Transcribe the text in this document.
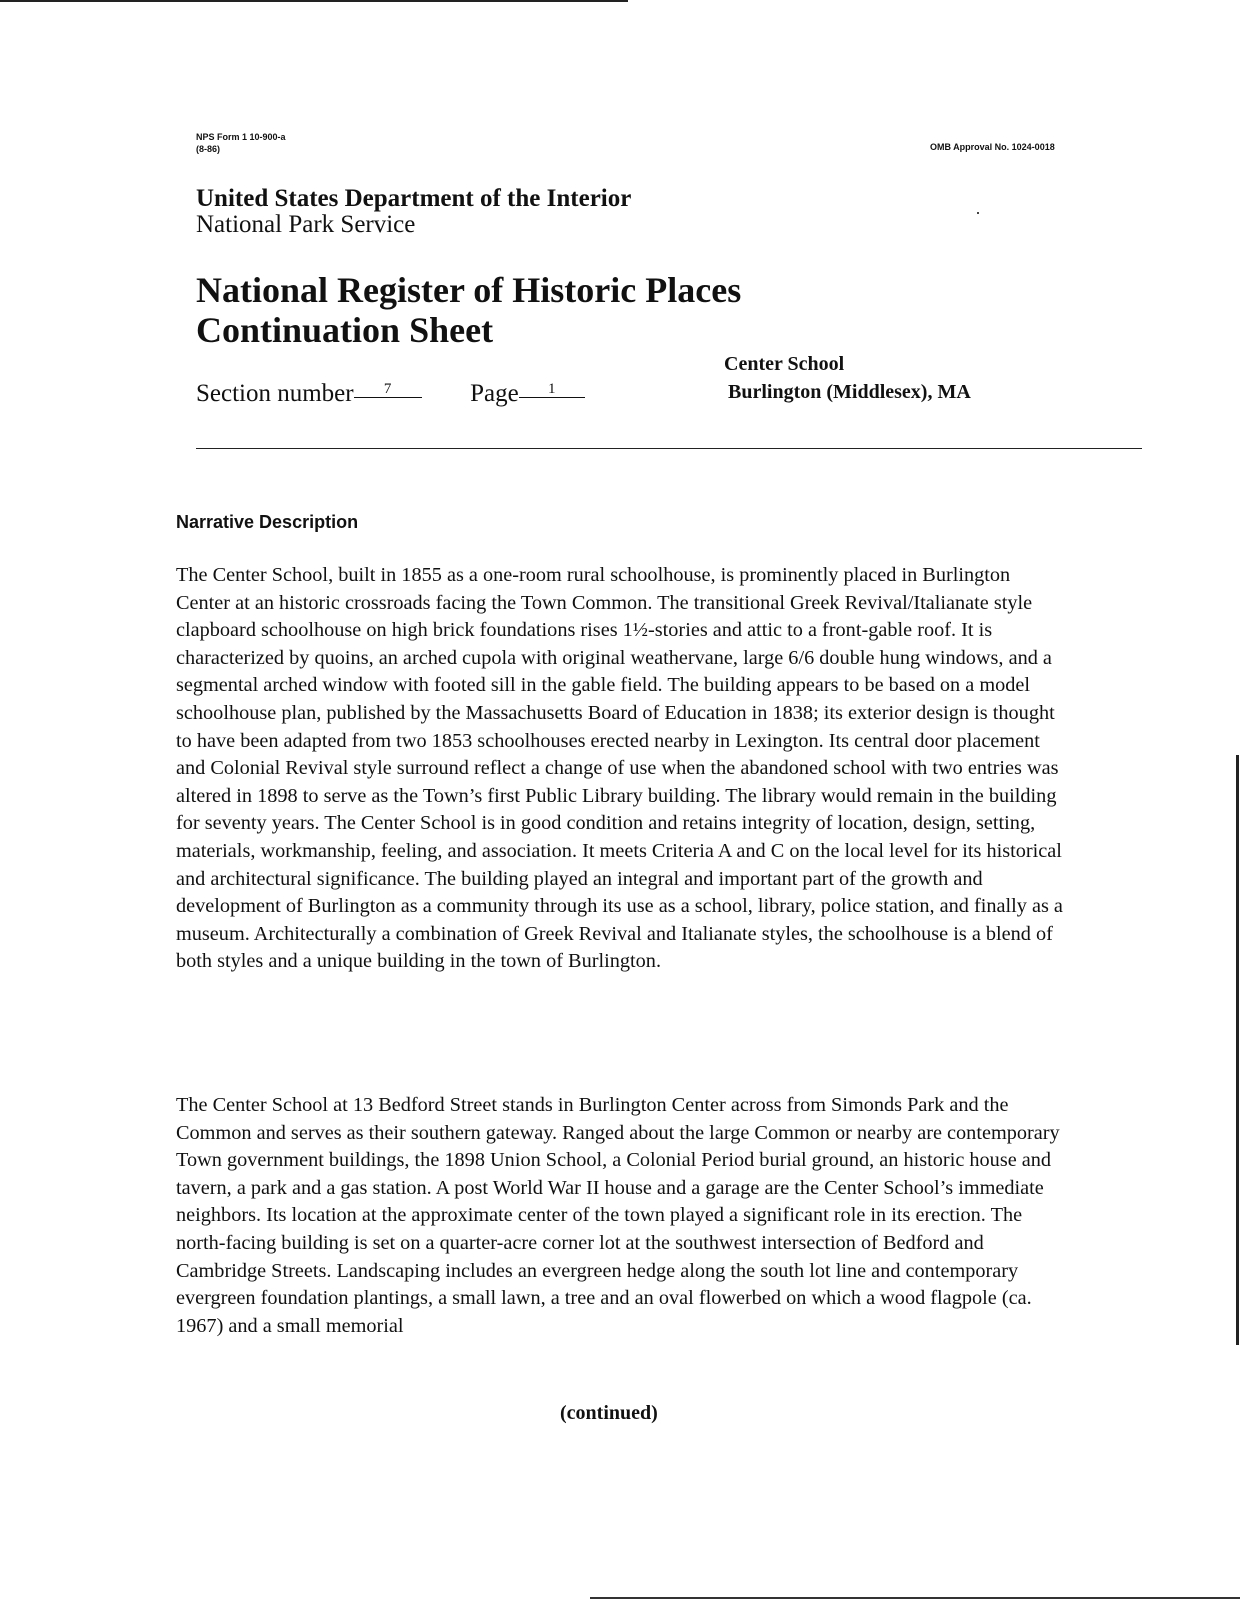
NPS Form 1 10-900-a
(8-86)	OMB Approval No. 1024-0018
United States Department of the Interior
National Park Service
National Register of Historic Places
Continuation Sheet
Center School
Burlington (Middlesex), MA
Section number 7	Page 1
Narrative Description

The Center School, built in 1855 as a one-room rural schoolhouse, is prominently placed in Burlington Center at an historic crossroads facing the Town Common. The transitional Greek Revival/Italianate style clapboard schoolhouse on high brick foundations rises 1½-stories and attic to a front-gable roof. It is characterized by quoins, an arched cupola with original weathervane, large 6/6 double hung windows, and a segmental arched window with footed sill in the gable field. The building appears to be based on a model schoolhouse plan, published by the Massachusetts Board of Education in 1838; its exterior design is thought to have been adapted from two 1853 schoolhouses erected nearby in Lexington. Its central door placement and Colonial Revival style surround reflect a change of use when the abandoned school with two entries was altered in 1898 to serve as the Town’s first Public Library building. The library would remain in the building for seventy years. The Center School is in good condition and retains integrity of location, design, setting, materials, workmanship, feeling, and association. It meets Criteria A and C on the local level for its historical and architectural significance. The building played an integral and important part of the growth and development of Burlington as a community through its use as a school, library, police station, and finally as a museum. Architecturally a combination of Greek Revival and Italianate styles, the schoolhouse is a blend of both styles and a unique building in the town of Burlington.

The Center School at 13 Bedford Street stands in Burlington Center across from Simonds Park and the Common and serves as their southern gateway. Ranged about the large Common or nearby are contemporary Town government buildings, the 1898 Union School, a Colonial Period burial ground, an historic house and tavern, a park and a gas station. A post World War II house and a garage are the Center School’s immediate neighbors. Its location at the approximate center of the town played a significant role in its erection. The north-facing building is set on a quarter-acre corner lot at the southwest intersection of Bedford and Cambridge Streets. Landscaping includes an evergreen hedge along the south lot line and contemporary evergreen foundation plantings, a small lawn, a tree and an oval flowerbed on which a wood flagpole (ca. 1967) and a small memorial

(continued)
